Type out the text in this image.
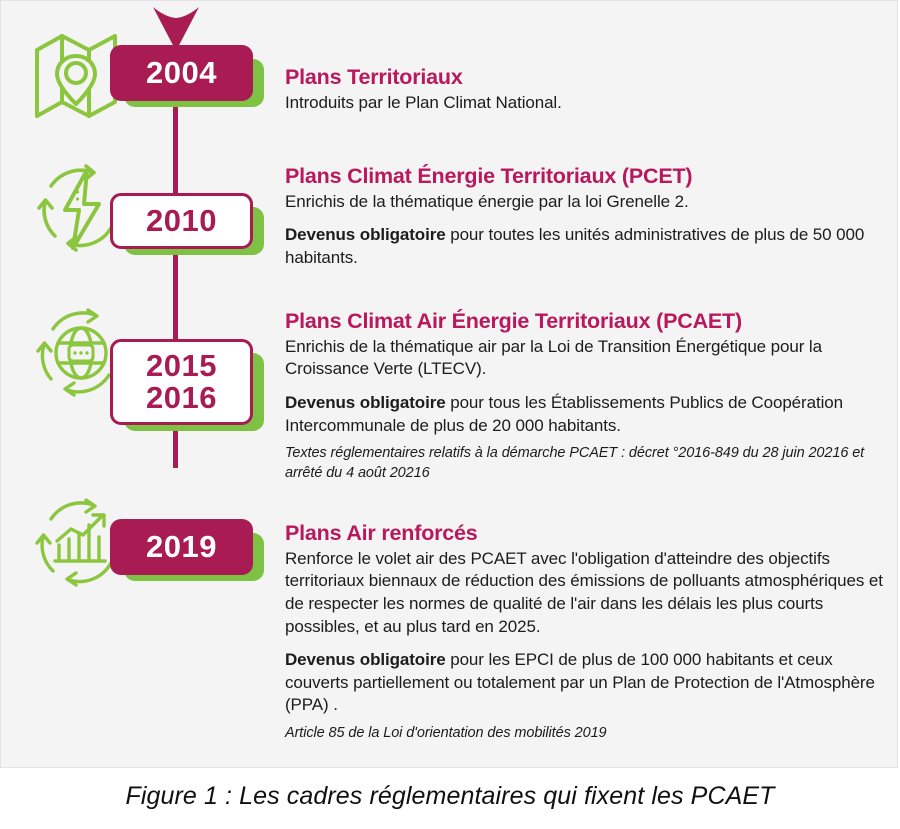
2004	Plans Territoriaux

Introduits par le Plan Climat National.

2010

Plans Climat Énergie Territoriaux (PCET)

Enrichis de la thématique énergie par la loi Grenelle 2.

Devenus obligatoire pour toutes les unités administratives de plus de 50 000 habitants.

2015
2016

Plans Climat Air Énergie Territoriaux (PCAET)

Enrichis de la thématique air par la Loi de Transition Énergétique pour la Croissance Verte (LTECV).

Devenus obligatoire pour tous les Établissements Publics de Coopération Intercommunale de plus de 20 000 habitants.

Textes réglementaires relatifs à la démarche PCAET : décret °2016-849 du 28 juin 20216 et arrêté du 4 août 20216

2019	Plans Air renforcés

Renforce le volet air des PCAET avec l'obligation d'atteindre des objectifs territoriaux biennaux de réduction des émissions de polluants atmosphériques et de respecter les normes de qualité de l'air dans les délais les plus courts possibles, et au plus tard en 2025.

Devenus obligatoire pour les EPCI de plus de 100 000 habitants et ceux couverts partiellement ou totalement par un Plan de Protection de l'Atmosphère (PPA) .

Article 85 de la Loi d'orientation des mobilités 2019

Figure 1 : Les cadres réglementaires qui fixent les PCAET
